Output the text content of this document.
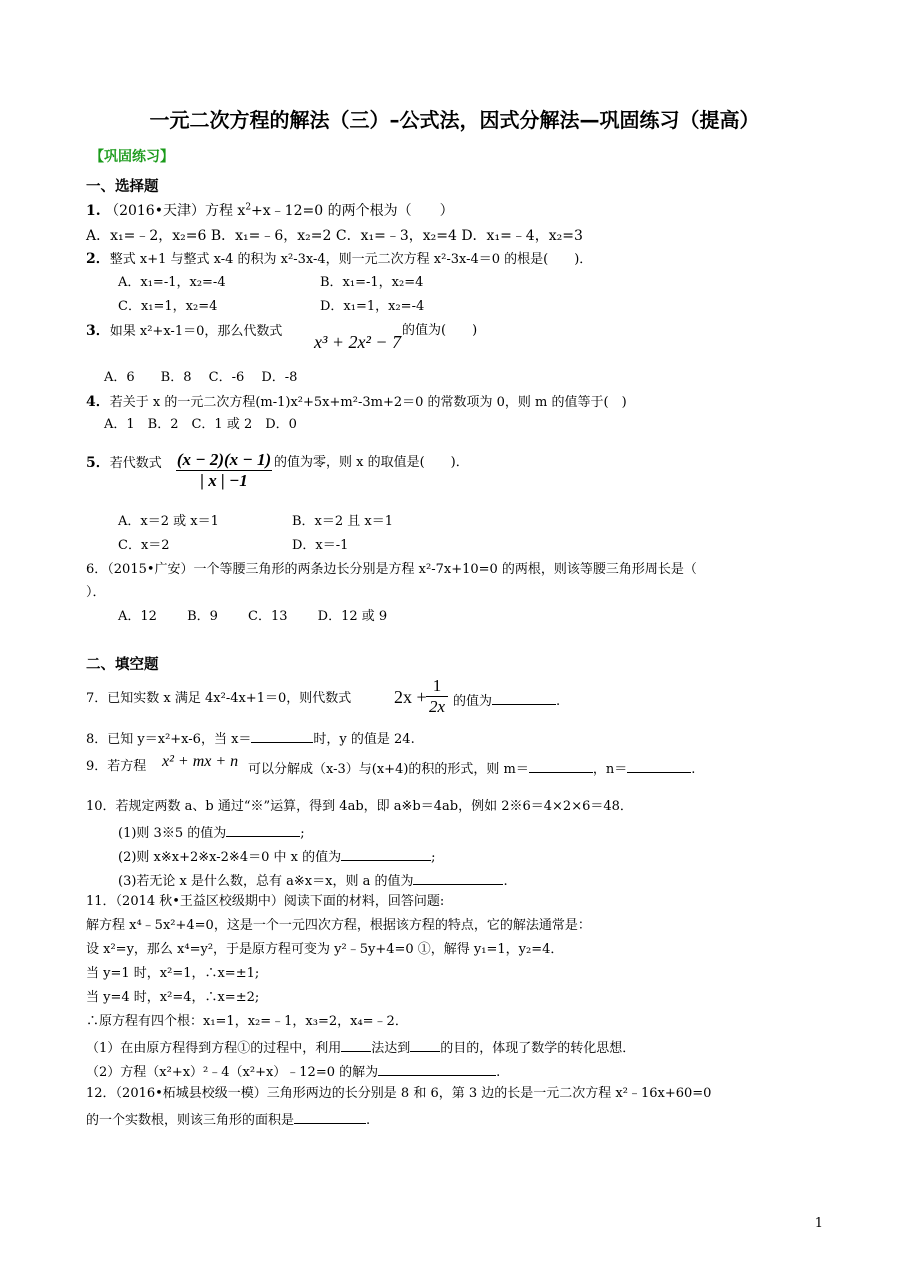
一元二次方程的解法（三）–公式法，因式分解法—巩固练习（提高）
【巩固练习】
一、选择题
1. （2016•天津）方程 $x^2+x﹣12=0$ 的两个根为（　　）
A．x₁=﹣2，x₂=6 B．x₁=﹣6，x₂=2 C．x₁=﹣3，x₂=4 D．x₁=﹣4，x₂=3
2．整式 x+1 与整式 x-4 的积为 x²-3x-4，则一元二次方程 x²-3x-4＝0 的根是(　　)．
A．x₁=-1，x₂=-4	B．x₁=-1，x₂=4
C．x₁=1，x₂=4	D．x₁=1，x₂=-4
3．如果 x²+x-1＝0，那么代数式
x³ + 2x² − 7
的值为(　　)
A．6　　B．8　 C．-6　 D．-8
4．若关于 x 的一元二次方程(m-1)x²+5x+m²-3m+2＝0 的常数项为 0，则 m 的值等于(　)
A．1　B．2　C．1 或 2　D．0
5．若代数式 (x − 2)(x − 1)
| x | −1
的值为零，则 x 的取值是(　　)．
A．x＝2 或 x＝1	B．x＝2 且 x＝1
C．x＝2	D．x＝-1
6．（2015•广安）一个等腰三角形的两条边长分别是方程 x²-7x+10=0 的两根，则该等腰三角形周长是（
）．
A．12　　 B．9　　 C．13　　 D．12 或 9
二、填空题
7．已知实数 x 满足 4x²-4x+1＝0，则代数式 2x +
1
2x 的值为	.
8．已知 y＝x²+x-6，当 x＝	时，y 的值是 24.
9．若方程 x² + mx + n 可以分解成（x-3）与(x+4)的积的形式，则 m＝	，n＝	.
10．若规定两数 a、b 通过“※”运算，得到 4ab，即 a※b＝4ab，例如 2※6＝4×2×6＝48．
(1)则 3※5 的值为	;
(2)则 x※x+2※x-2※4＝0 中 x 的值为	;
(3)若无论 x 是什么数，总有 a※x＝x，则 a 的值为	.
11．（2014 秋•王益区校级期中）阅读下面的材料，回答问题:
解方程 x⁴﹣5x²+4=0，这是一个一元四次方程，根据该方程的特点，它的解法通常是：
设 x²=y，那么 x⁴=y²，于是原方程可变为 y²﹣5y+4=0 ①，解得 y₁=1，y₂=4．
当 y=1 时，x²=1，∴x=±1;
当 y=4 时，x²=4，∴x=±2;
∴原方程有四个根：x₁=1，x₂=﹣1，x₃=2，x₄=﹣2．
（1）在由原方程得到方程①的过程中，利用 法达到 的目的，体现了数学的转化思想．
（2）方程（x²+x）²﹣4（x²+x）﹣12=0 的解为	.
12．（2016•柘城县校级一模）三角形两边的长分别是 8 和 6，第 3 边的长是一元二次方程 x²﹣16x+60=0
的一个实数根，则该三角形的面积是	.
1
